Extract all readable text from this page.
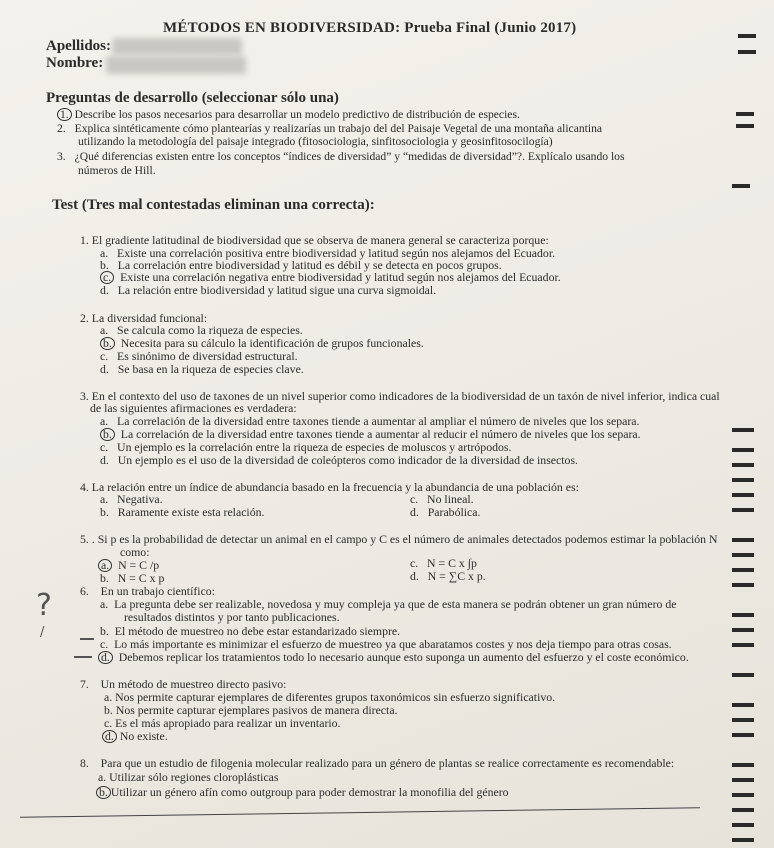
MÉTODOS EN BIODIVERSIDAD: Prueba Final (Junio 2017)
Apellidos:
Nombre:
Preguntas de desarrollo (seleccionar sólo una)
1. Describe los pasos necesarios para desarrollar un modelo predictivo de distribución de especies.
2. Explica sintéticamente cómo plantearías y realizarías un trabajo del del Paisaje Vegetal de una montaña alicantina
utilizando la metodología del paisaje integrado (fitosociologia, sinfitosociologia y geosinfitosocilogía)
3. ¿Qué diferencias existen entre los conceptos “índices de diversidad” y “medidas de diversidad”?. Explícalo usando los
números de Hill.
Test (Tres mal contestadas eliminan una correcta):
1. El gradiente latitudinal de biodiversidad que se observa de manera general se caracteriza porque:
a. Existe una correlación positiva entre biodiversidad y latitud según nos alejamos del Ecuador.
b. La correlación entre biodiversidad y latitud es débil y se detecta en pocos grupos.
c. Existe una correlación negativa entre biodiversidad y latitud según nos alejamos del Ecuador.
d. La relación entre biodiversidad y latitud sigue una curva sigmoidal.
2. La diversidad funcional:
a. Se calcula como la riqueza de especies.
b. Necesita para su cálculo la identificación de grupos funcionales.
c. Es sinónimo de diversidad estructural.
d. Se basa en la riqueza de especies clave.
3. En el contexto del uso de taxones de un nivel superior como indicadores de la biodiversidad de un taxón de nivel inferior, indica cual
de las siguientes afirmaciones es verdadera:
a. La correlación de la diversidad entre taxones tiende a aumentar al ampliar el número de niveles que los separa.
b. La correlación de la diversidad entre taxones tiende a aumentar al reducir el número de niveles que los separa.
c. Un ejemplo es la correlación entre la riqueza de especies de moluscos y artrópodos.
d. Un ejemplo es el uso de la diversidad de coleópteros como indicador de la diversidad de insectos.
4. La relación entre un índice de abundancia basado en la frecuencia y la abundancia de una población es:
a. Negativa.
b. Raramente existe esta relación.
c. No lineal.
d. Parabólica.
5. . Si p es la probabilidad de detectar un animal en el campo y C es el número de animales detectados podemos estimar la población N
como:
a. N = C /p
b. N = C x p
c. N = C x ∫p
d. N = ∑C x p.
6. En un trabajo científico:
a. La pregunta debe ser realizable, novedosa y muy compleja ya que de esta manera se podrán obtener un gran número de
resultados distintos y por tanto publicaciones.
b. El método de muestreo no debe estar estandarizado siempre.
c. Lo más importante es minimizar el esfuerzo de muestreo ya que abaratamos costes y nos deja tiempo para otras cosas.
d. Debemos replicar los tratamientos todo lo necesario aunque esto suponga un aumento del esfuerzo y el coste económico.
7. Un método de muestreo directo pasivo:
a. Nos permite capturar ejemplares de diferentes grupos taxonómicos sin esfuerzo significativo.
b. Nos permite capturar ejemplares pasivos de manera directa.
c. Es el más apropiado para realizar un inventario.
d. No existe.
8. Para que un estudio de filogenia molecular realizado para un género de plantas se realice correctamente es recomendable:
a. Utilizar sólo regiones cloroplásticas
b. Utilizar un género afín como outgroup para poder demostrar la monofilia del género
?
/
